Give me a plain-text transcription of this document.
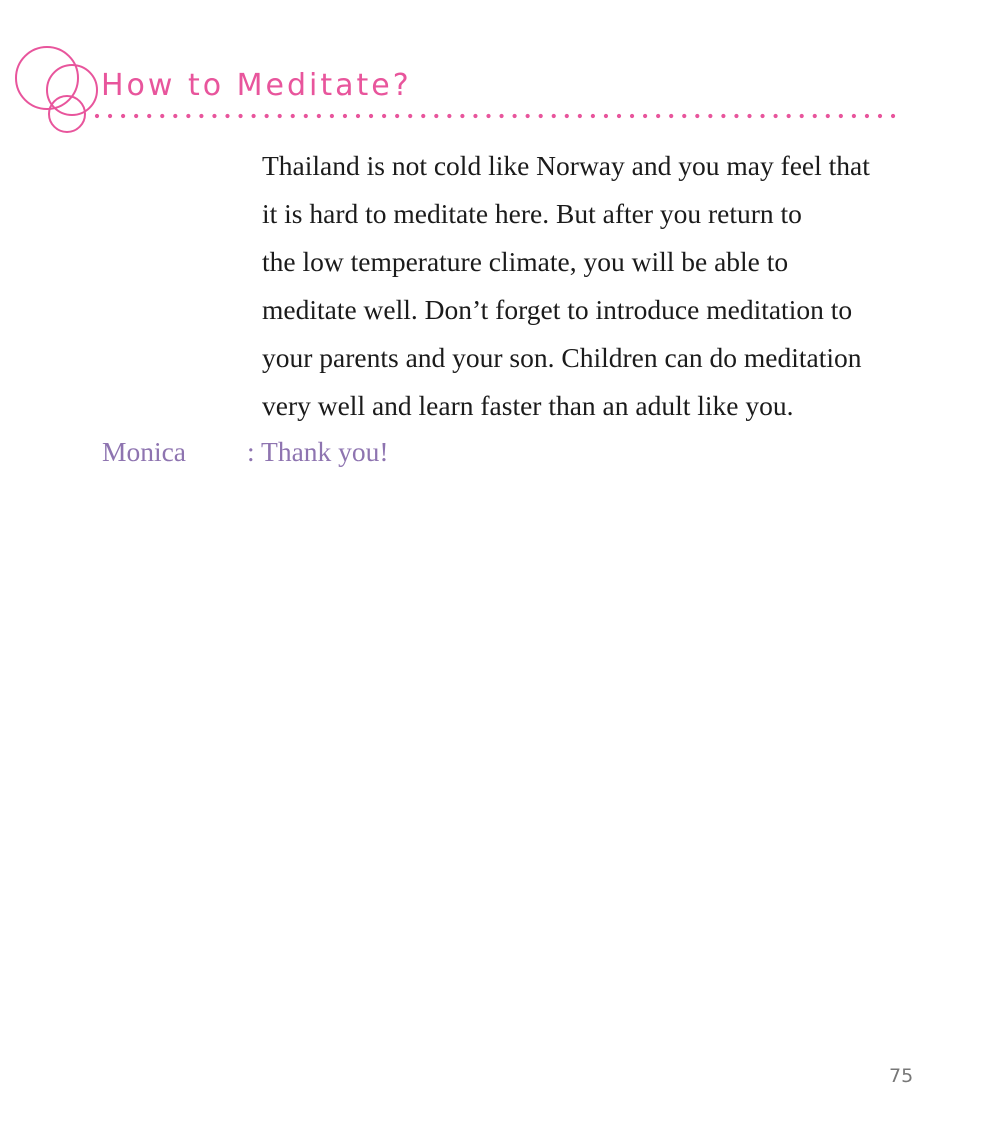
How to Meditate?
Thailand is not cold like Norway and you may feel that
it is hard to meditate here. But after you return to
the low temperature climate, you will be able to
meditate well. Don’t forget to introduce meditation to
your parents and your son. Children can do meditation
very well and learn faster than an adult like you.
Monica : Thank you!
75
